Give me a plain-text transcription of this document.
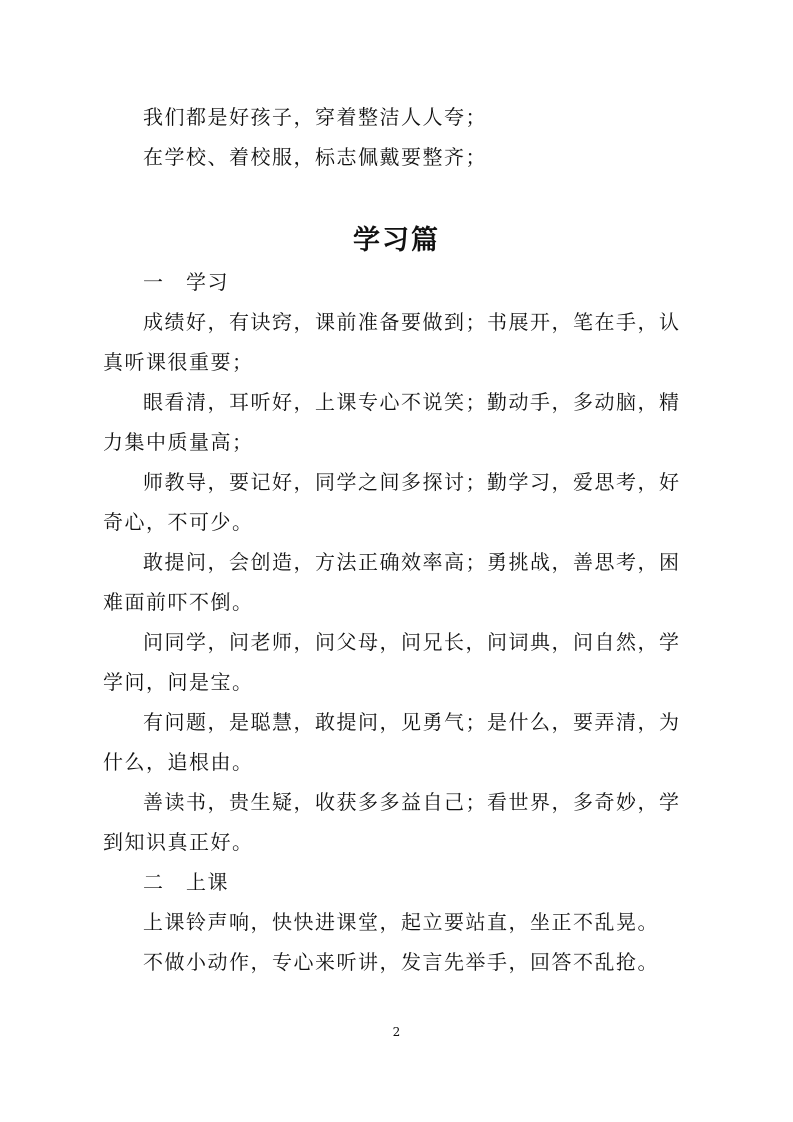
我们都是好孩子，穿着整洁人人夸；

在学校、着校服，标志佩戴要整齐；

学习篇

一　学习

成绩好，有诀窍，课前准备要做到；书展开，笔在手，认真听课很重要；

眼看清，耳听好，上课专心不说笑；勤动手，多动脑，精力集中质量高；

师教导，要记好，同学之间多探讨；勤学习，爱思考，好奇心，不可少。

敢提问，会创造，方法正确效率高；勇挑战，善思考，困难面前吓不倒。

问同学，问老师，问父母，问兄长，问词典，问自然，学学问，问是宝。

有问题，是聪慧，敢提问，见勇气；是什么，要弄清，为什么，追根由。

善读书，贵生疑，收获多多益自己；看世界，多奇妙，学到知识真正好。

二　上课

上课铃声响，快快进课堂，起立要站直，坐正不乱晃。

不做小动作，专心来听讲，发言先举手，回答不乱抢。

2
